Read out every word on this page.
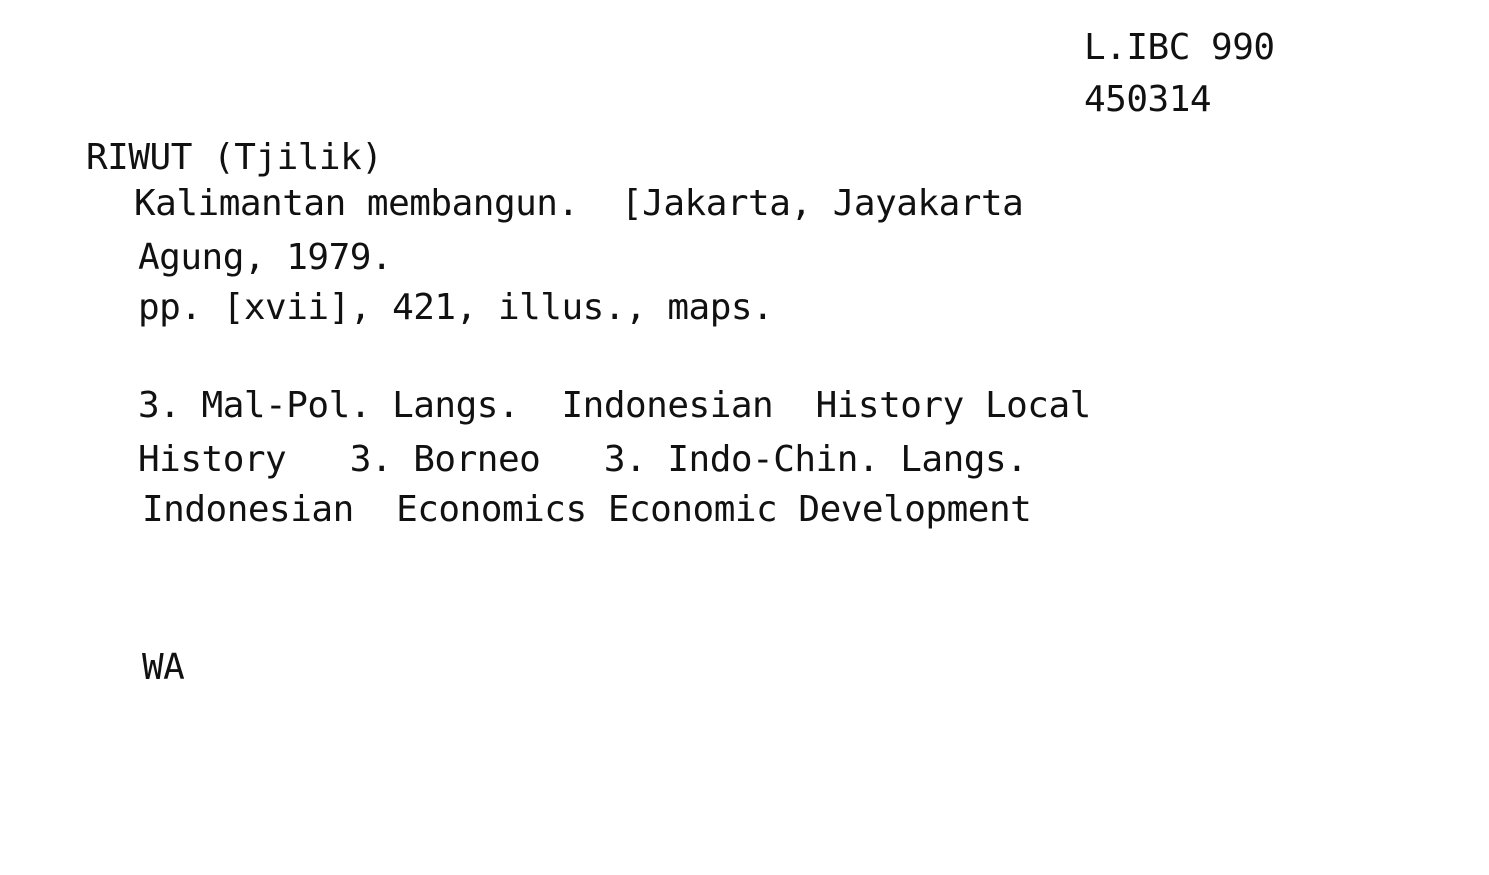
L.IBC 990
450314
RIWUT (Tjilik)
Kalimantan membangun.  [Jakarta, Jayakarta
Agung, 1979.
pp. [xvii], 421, illus., maps.
3. Mal-Pol. Langs.  Indonesian  History Local
History   3. Borneo   3. Indo-Chin. Langs.
Indonesian  Economics Economic Development
WA
